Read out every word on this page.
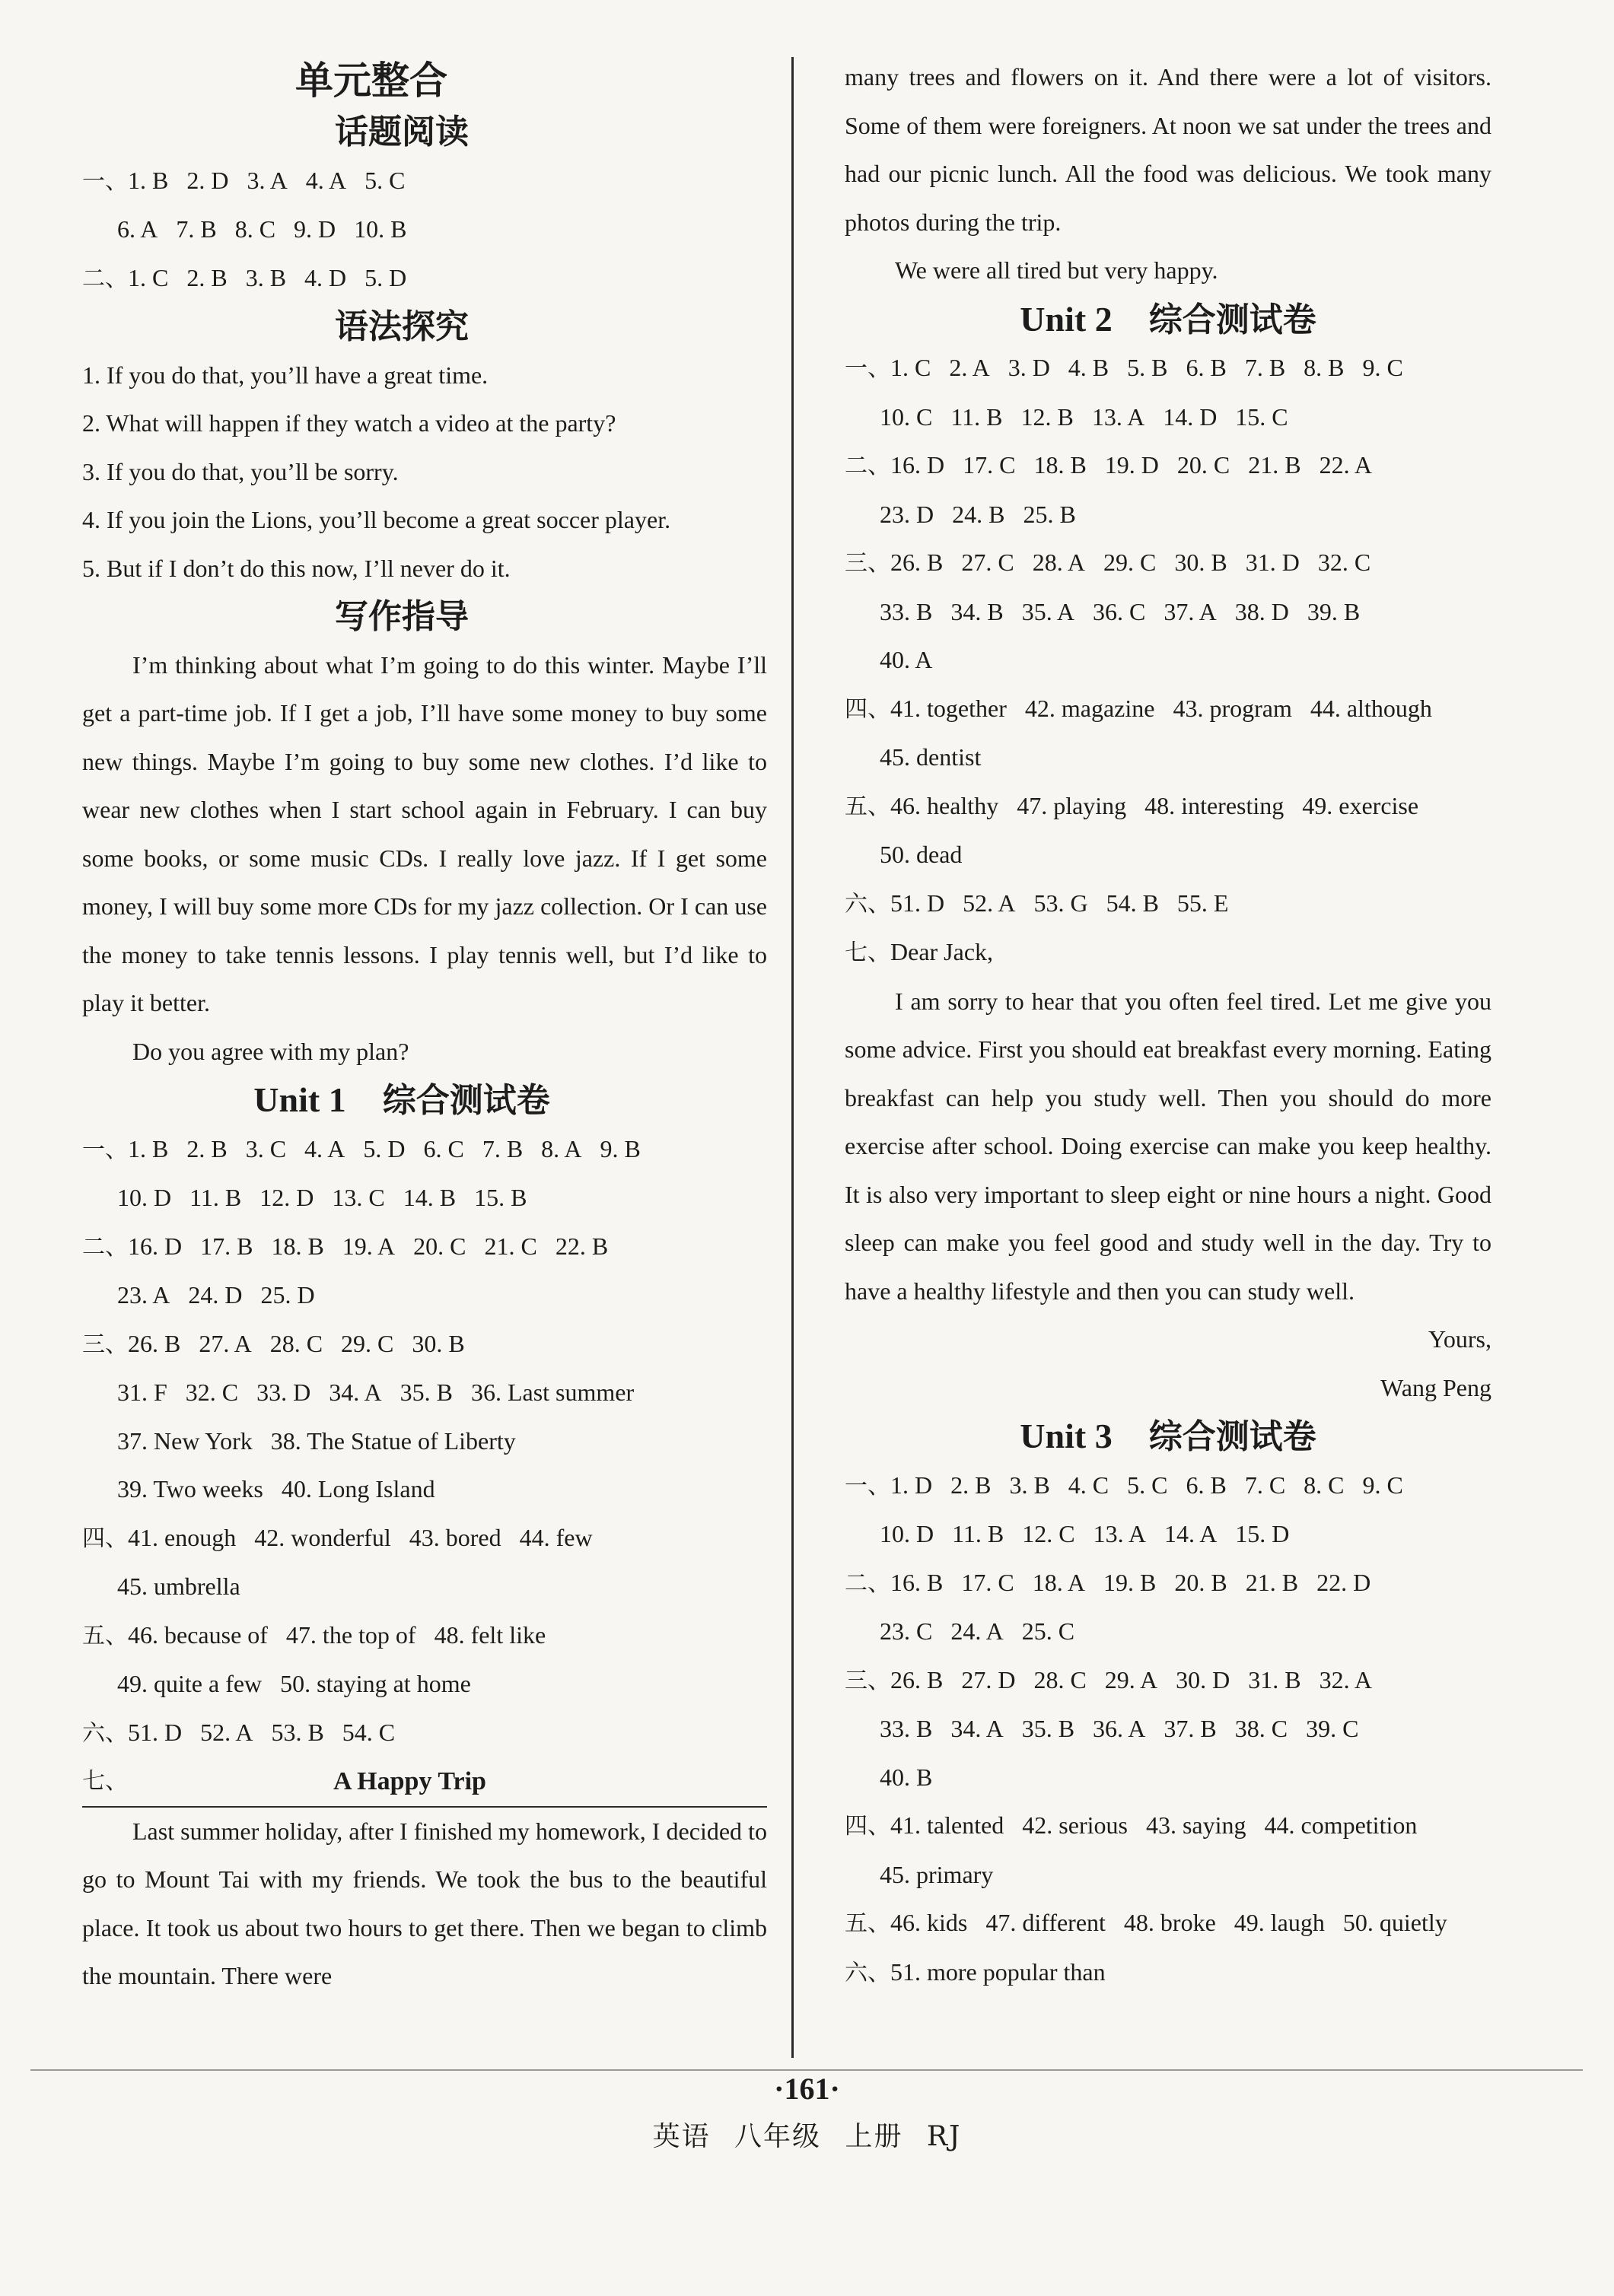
单元整合
话题阅读
一、1. B 2. D 3. A 4. A 5. C
6. A 7. B 8. C 9. D 10. B
二、1. C 2. B 3. B 4. D 5. D
语法探究
1. If you do that, you’ll have a great time.
2. What will happen if they watch a video at the party?
3. If you do that, you’ll be sorry.
4. If you join the Lions, you’ll become a great soccer player.
5. But if I don’t do this now, I’ll never do it.
写作指导
I’m thinking about what I’m going to do this winter. Maybe I’ll get a part-time job. If I get a job, I’ll have some money to buy some new things. Maybe I’m going to buy some new clothes. I’d like to wear new clothes when I start school again in February. I can buy some books, or some music CDs. I really love jazz. If I get some money, I will buy some more CDs for my jazz collection. Or I can use the money to take tennis lessons. I play tennis well, but I’d like to play it better.
Do you agree with my plan?
Unit 1 综合测试卷
一、1. B 2. B 3. C 4. A 5. D 6. C 7. B 8. A 9. B
10. D 11. B 12. D 13. C 14. B 15. B
二、16. D 17. B 18. B 19. A 20. C 21. C 22. B
23. A 24. D 25. D
三、26. B 27. A 28. C 29. C 30. B
31. F 32. C 33. D 34. A 35. B 36. Last summer
37. New York 38. The Statue of Liberty
39. Two weeks 40. Long Island
四、41. enough 42. wonderful 43. bored 44. few
45. umbrella
五、46. because of 47. the top of 48. felt like
49. quite a few 50. staying at home
六、51. D 52. A 53. B 54. C
七、	A Happy Trip
Last summer holiday, after I finished my homework, I decided to go to Mount Tai with my friends. We took the bus to the beautiful place. It took us about two hours to get there. Then we began to climb the mountain. There were
many trees and flowers on it. And there were a lot of visitors. Some of them were foreigners. At noon we sat under the trees and had our picnic lunch. All the food was delicious. We took many photos during the trip.
We were all tired but very happy.
Unit 2 综合测试卷
一、1. C 2. A 3. D 4. B 5. B 6. B 7. B 8. B 9. C
10. C 11. B 12. B 13. A 14. D 15. C
二、16. D 17. C 18. B 19. D 20. C 21. B 22. A
23. D 24. B 25. B
三、26. B 27. C 28. A 29. C 30. B 31. D 32. C
33. B 34. B 35. A 36. C 37. A 38. D 39. B
40. A
四、41. together 42. magazine 43. program 44. although
45. dentist
五、46. healthy 47. playing 48. interesting 49. exercise
50. dead
六、51. D 52. A 53. G 54. B 55. E
七、Dear Jack,
I am sorry to hear that you often feel tired. Let me give you some advice. First you should eat breakfast every morning. Eating breakfast can help you study well. Then you should do more exercise after school. Doing exercise can make you keep healthy. It is also very important to sleep eight or nine hours a night. Good sleep can make you feel good and study well in the day. Try to have a healthy lifestyle and then you can study well.
Yours,
Wang Peng
Unit 3 综合测试卷
一、1. D 2. B 3. B 4. C 5. C 6. B 7. C 8. C 9. C
10. D 11. B 12. C 13. A 14. A 15. D
二、16. B 17. C 18. A 19. B 20. B 21. B 22. D
23. C 24. A 25. C
三、26. B 27. D 28. C 29. A 30. D 31. B 32. A
33. B 34. A 35. B 36. A 37. B 38. C 39. C
40. B
四、41. talented 42. serious 43. saying 44. competition
45. primary
五、46. kids 47. different 48. broke 49. laugh 50. quietly
六、51. more popular than
·161·
英语 八年级 上册 RJ
